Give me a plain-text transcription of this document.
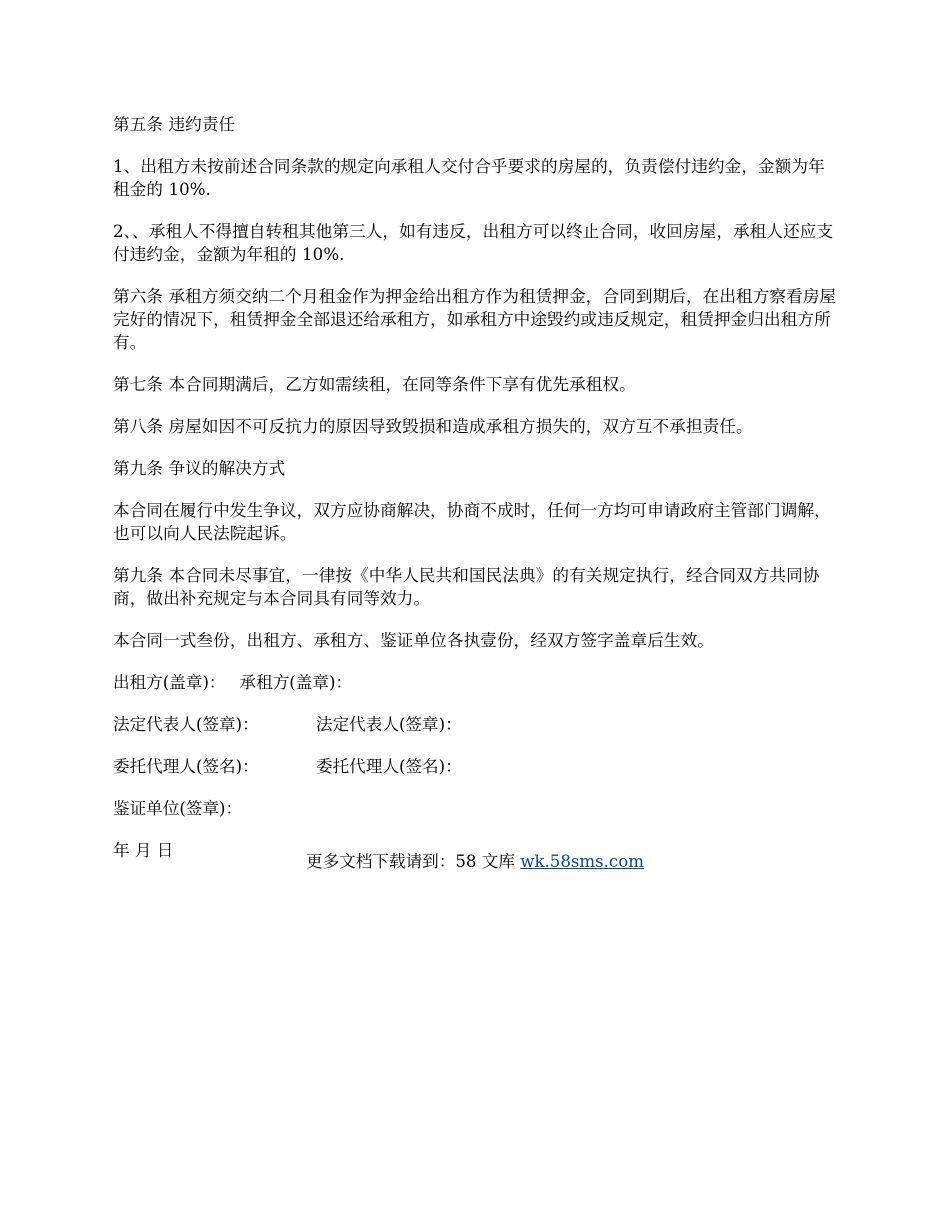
第五条 违约责任

1、出租方未按前述合同条款的规定向承租人交付合乎要求的房屋的，负责偿付违约金，金额为年租金的 10%.

2、、承租人不得擅自转租其他第三人，如有违反，出租方可以终止合同，收回房屋，承租人还应支付违约金，金额为年租的 10%.

第六条 承租方须交纳二个月租金作为押金给出租方作为租赁押金，合同到期后，在出租方察看房屋完好的情况下，租赁押金全部退还给承租方，如承租方中途毁约或违反规定，租赁押金归出租方所有。

第七条 本合同期满后，乙方如需续租，在同等条件下享有优先承租权。

第八条 房屋如因不可反抗力的原因导致毁损和造成承租方损失的，双方互不承担责任。

第九条 争议的解决方式

本合同在履行中发生争议，双方应协商解决，协商不成时，任何一方均可申请政府主管部门调解，也可以向人民法院起诉。

第九条 本合同未尽事宜，一律按《中华人民共和国民法典》的有关规定执行，经合同双方共同协商，做出补充规定与本合同具有同等效力。

本合同一式叁份，出租方、承租方、鉴证单位各执壹份，经双方签字盖章后生效。

出租方(盖章)： 承租方(盖章)：
法定代表人(签章)：	法定代表人(签章)：
委托代理人(签名)：	委托代理人(签名)：
鉴证单位(签章)：
年 月 日
更多文档下载请到：58 文库 wk.58sms.com
